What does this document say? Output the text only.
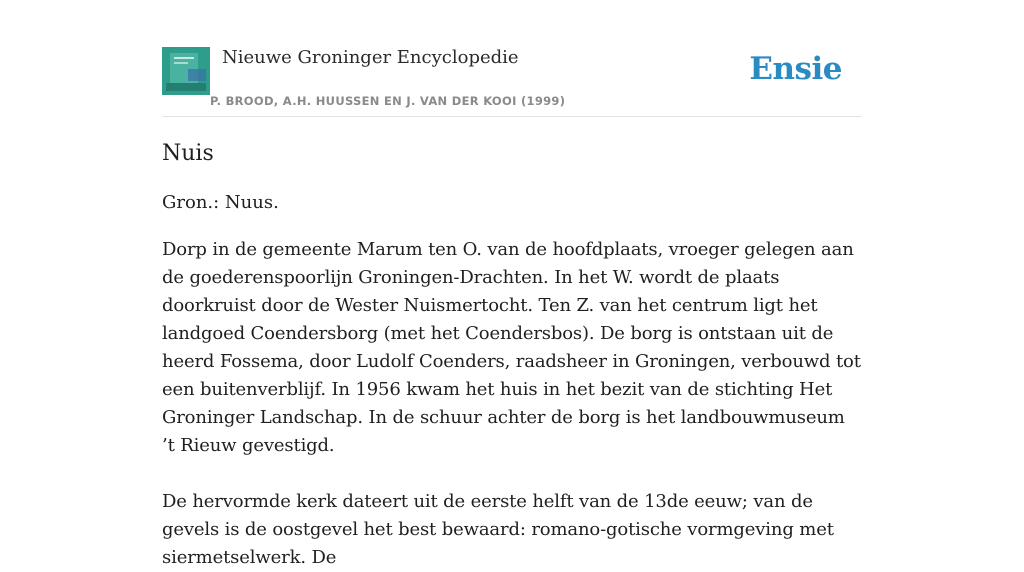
Nieuwe Groninger Encyclopedie
P. BROOD, A.H. HUUSSEN EN J. VAN DER KOOI (1999)
Ensie
Nuis

Gron.: Nuus.

Dorp in de gemeente Marum ten O. van de hoofdplaats, vroeger gelegen aan de goederenspoorlijn Groningen-Drachten. In het W. wordt de plaats doorkruist door de Wester Nuismertocht. Ten Z. van het centrum ligt het landgoed Coendersborg (met het Coendersbos). De borg is ontstaan uit de heerd Fossema, door Ludolf Coenders, raadsheer in Groningen, verbouwd tot een buitenverblijf. In 1956 kwam het huis in het bezit van de stichting Het Groninger Landschap. In de schuur achter de borg is het landbouwmuseum ’t Rieuw gevestigd.

De hervormde kerk dateert uit de eerste helft van de 13de eeuw; van de gevels is de oostgevel het best bewaard: romano-gotische vormgeving met siermetselwerk. De
